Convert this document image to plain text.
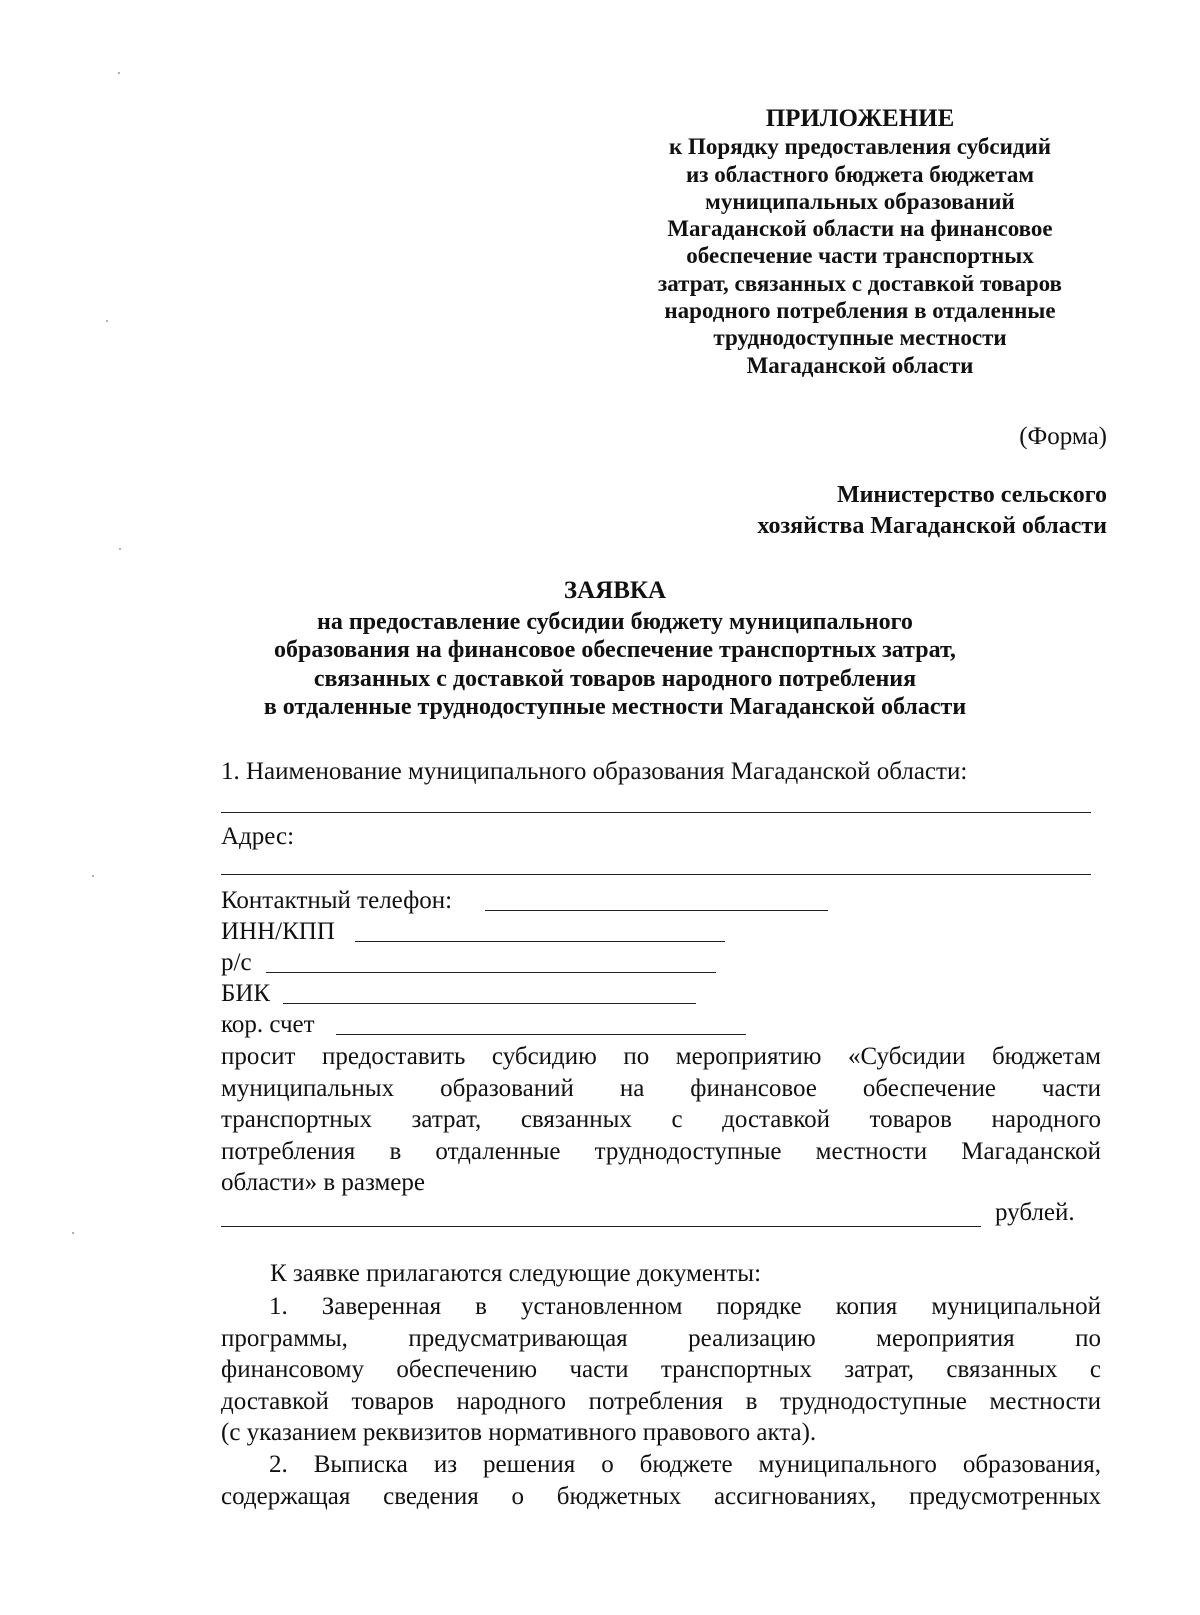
ПРИЛОЖЕНИЕ
к Порядку предоставления субсидий
из областного бюджета бюджетам
муниципальных образований
Магаданской области на финансовое
обеспечение части транспортных
затрат, связанных с доставкой товаров
народного потребления в отдаленные
труднодоступные местности
Магаданской области
(Форма)
Министерство сельского
хозяйства Магаданской области
ЗАЯВКА
на предоставление субсидии бюджету муниципального
образования на финансовое обеспечение транспортных затрат,
связанных с доставкой товаров народного потребления
в отдаленные труднодоступные местности Магаданской области
1. Наименование муниципального образования Магаданской области:
Адрес:
Контактный телефон:
ИНН/КПП
р/с
БИК
кор. счет
просит предоставить субсидию по мероприятию «Субсидии бюджетам
муниципальных образований на финансовое обеспечение части
транспортных затрат, связанных с доставкой товаров народного
потребления в отдаленные труднодоступные местности Магаданской
области» в размере
рублей.
К заявке прилагаются следующие документы:
1. Заверенная в установленном порядке копия муниципальной
программы, предусматривающая реализацию мероприятия по
финансовому обеспечению части транспортных затрат, связанных с
доставкой товаров народного потребления в труднодоступные местности
(с указанием реквизитов нормативного правового акта).
2. Выписка из решения о бюджете муниципального образования,
содержащая сведения о бюджетных ассигнованиях, предусмотренных
